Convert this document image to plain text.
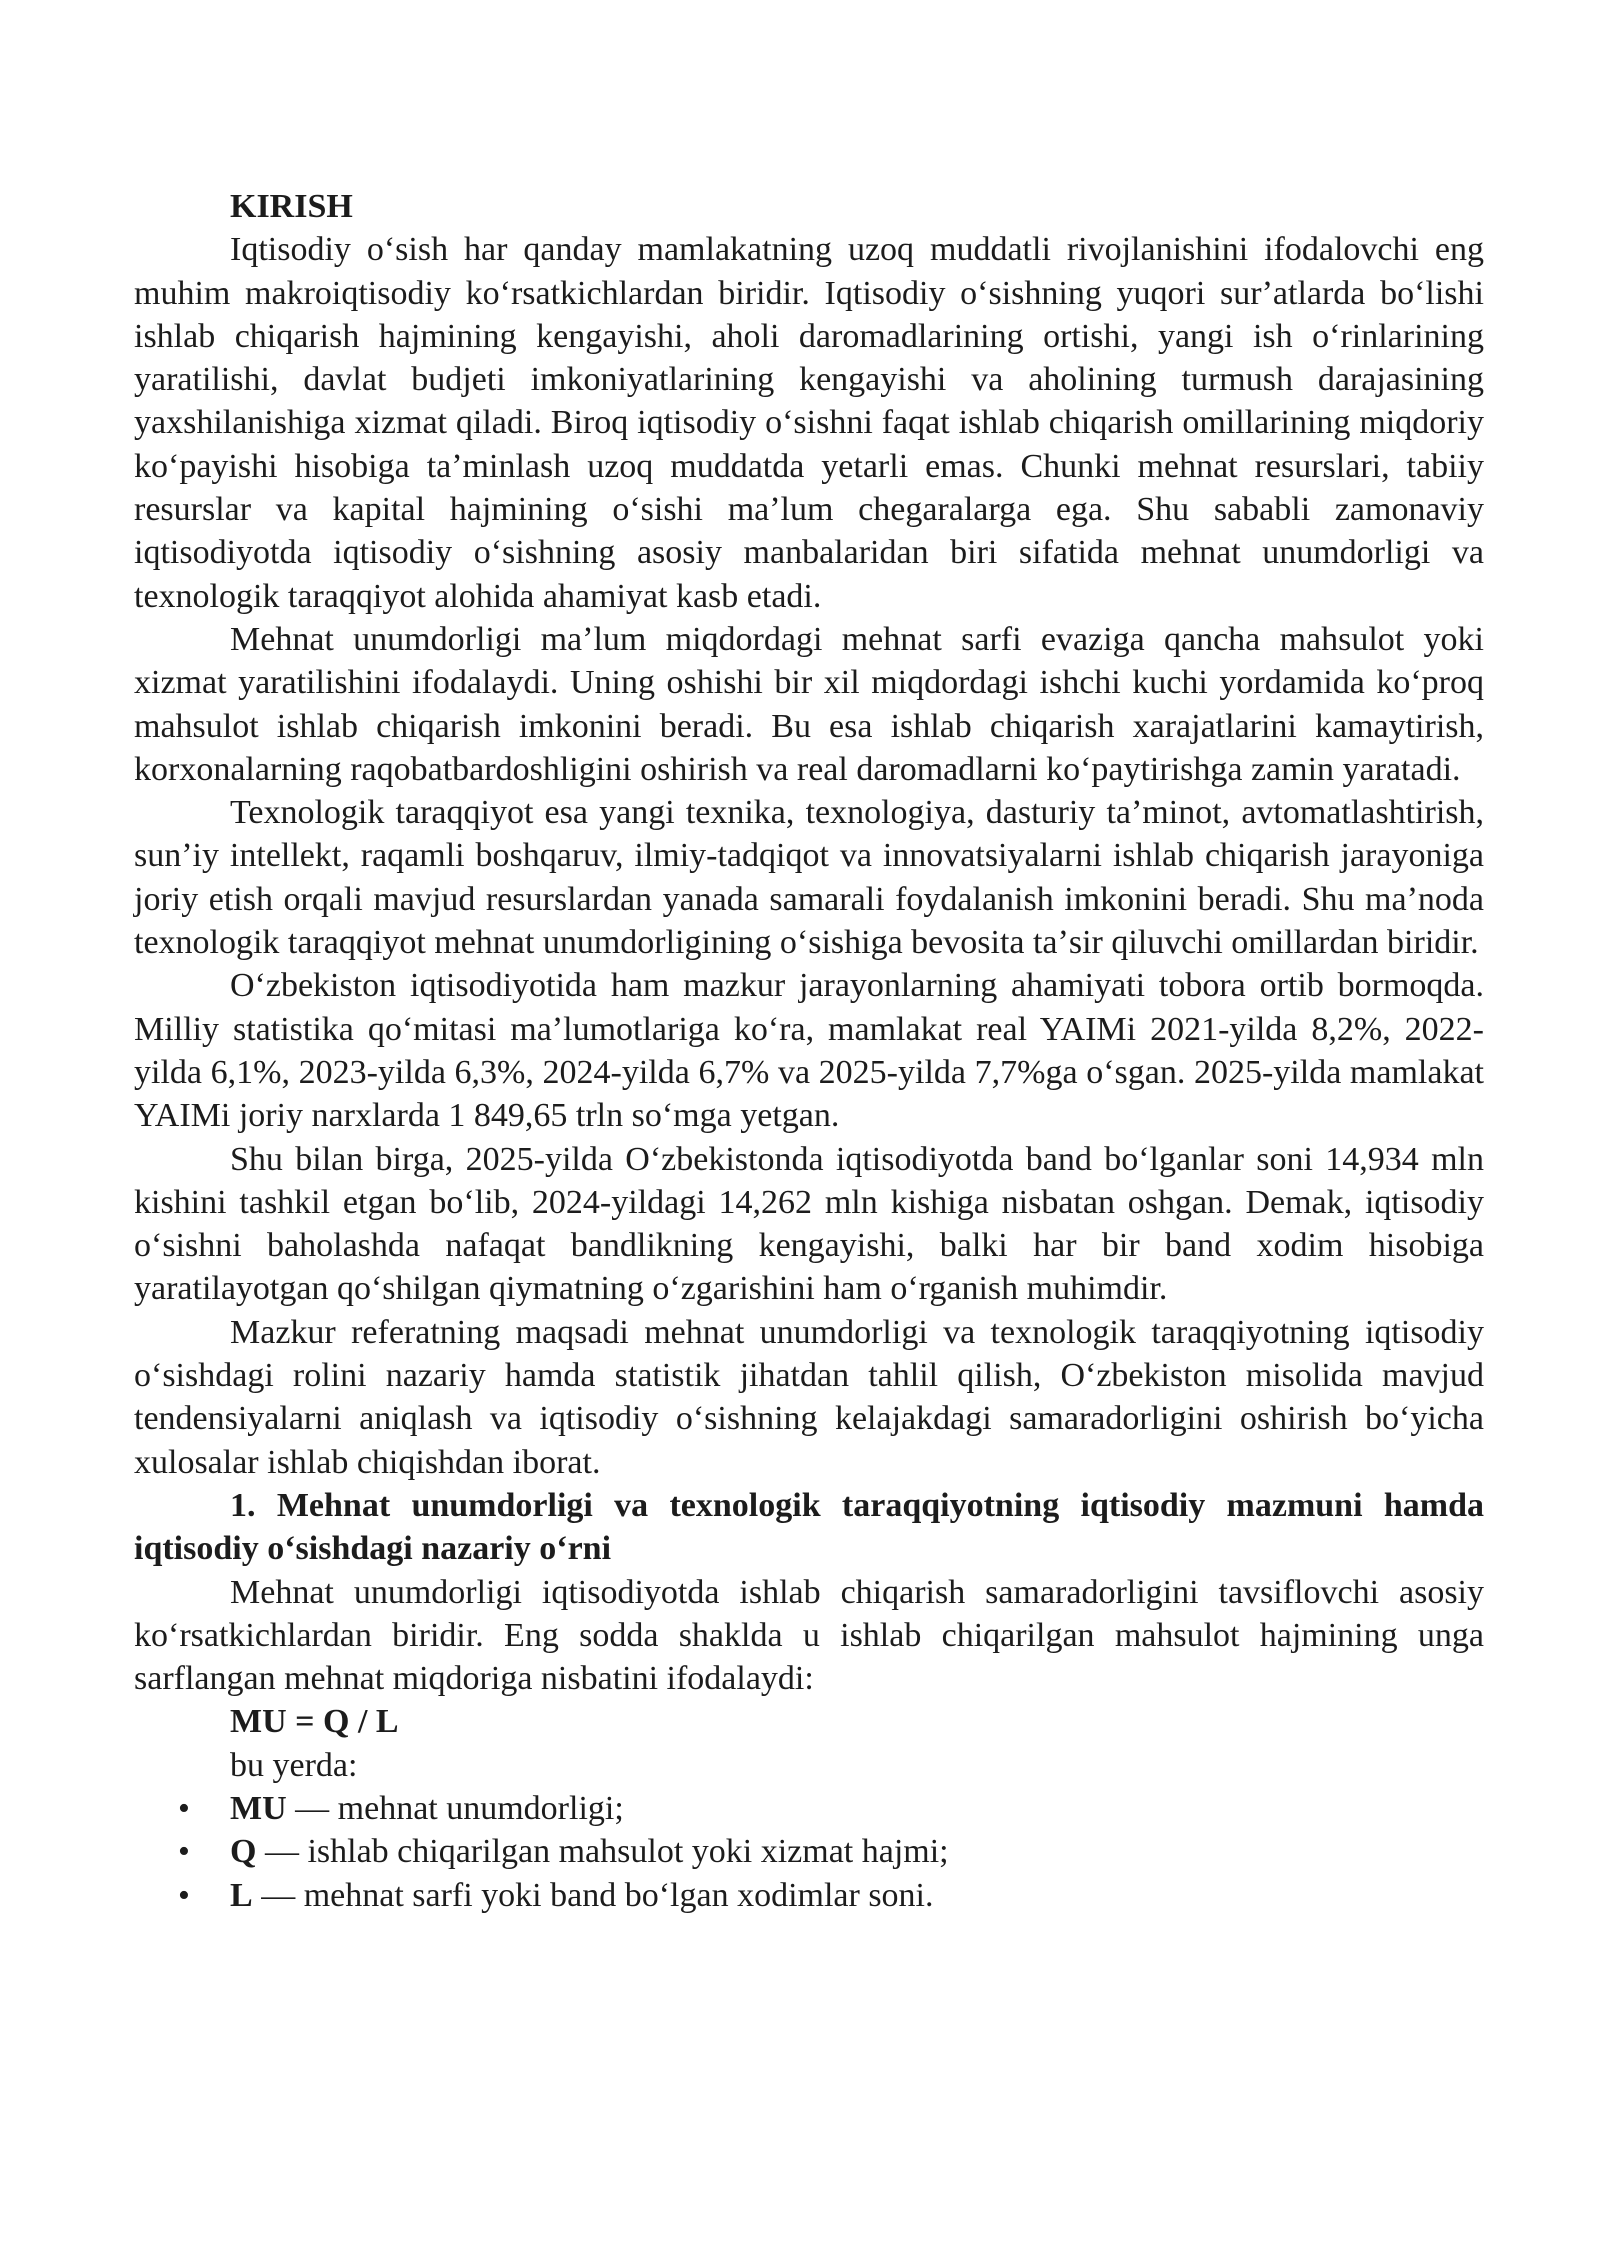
KIRISH

Iqtisodiy oʻsish har qanday mamlakatning uzoq muddatli rivojlanishini ifodalovchi eng muhim makroiqtisodiy koʻrsatkichlardan biridir. Iqtisodiy oʻsishning yuqori surʼatlarda boʻlishi ishlab chiqarish hajmining kengayishi, aholi daromadlarining ortishi, yangi ish oʻrinlarining yaratilishi, davlat budjeti imkoniyatlarining kengayishi va aholining turmush darajasining yaxshilanishiga xizmat qiladi. Biroq iqtisodiy oʻsishni faqat ishlab chiqarish omillarining miqdoriy koʻpayishi hisobiga taʼminlash uzoq muddatda yetarli emas. Chunki mehnat resurslari, tabiiy resurslar va kapital hajmining oʻsishi maʼlum chegaralarga ega. Shu sababli zamonaviy iqtisodiyotda iqtisodiy oʻsishning asosiy manbalaridan biri sifatida mehnat unumdorligi va texnologik taraqqiyot alohida ahamiyat kasb etadi.

Mehnat unumdorligi maʼlum miqdordagi mehnat sarfi evaziga qancha mahsulot yoki xizmat yaratilishini ifodalaydi. Uning oshishi bir xil miqdordagi ishchi kuchi yordamida koʻproq mahsulot ishlab chiqarish imkonini beradi. Bu esa ishlab chiqarish xarajatlarini kamaytirish, korxonalarning raqobatbardoshligini oshirish va real daromadlarni koʻpaytirishga zamin yaratadi.

Texnologik taraqqiyot esa yangi texnika, texnologiya, dasturiy taʼminot, avtomatlashtirish, sunʼiy intellekt, raqamli boshqaruv, ilmiy-tadqiqot va innovatsiyalarni ishlab chiqarish jarayoniga joriy etish orqali mavjud resurslardan yanada samarali foydalanish imkonini beradi. Shu maʼnoda texnologik taraqqiyot mehnat unumdorligining oʻsishiga bevosita taʼsir qiluvchi omillardan biridir.

Oʻzbekiston iqtisodiyotida ham mazkur jarayonlarning ahamiyati tobora ortib bormoqda. Milliy statistika qoʻmitasi maʼlumotlariga koʻra, mamlakat real YAIMi 2021-yilda 8,2%, 2022-yilda 6,1%, 2023-yilda 6,3%, 2024-yilda 6,7% va 2025-yilda 7,7%ga oʻsgan. 2025-yilda mamlakat YAIMi joriy narxlarda 1 849,65 trln soʻmga yetgan.

Shu bilan birga, 2025-yilda Oʻzbekistonda iqtisodiyotda band boʻlganlar soni 14,934 mln kishini tashkil etgan boʻlib, 2024-yildagi 14,262 mln kishiga nisbatan oshgan. Demak, iqtisodiy oʻsishni baholashda nafaqat bandlikning kengayishi, balki har bir band xodim hisobiga yaratilayotgan qoʻshilgan qiymatning oʻzgarishini ham oʻrganish muhimdir.

Mazkur referatning maqsadi mehnat unumdorligi va texnologik taraqqiyotning iqtisodiy oʻsishdagi rolini nazariy hamda statistik jihatdan tahlil qilish, Oʻzbekiston misolida mavjud tendensiyalarni aniqlash va iqtisodiy oʻsishning kelajakdagi samaradorligini oshirish boʻyicha xulosalar ishlab chiqishdan iborat.

1. Mehnat unumdorligi va texnologik taraqqiyotning iqtisodiy mazmuni hamda iqtisodiy oʻsishdagi nazariy oʻrni

Mehnat unumdorligi iqtisodiyotda ishlab chiqarish samaradorligini tavsiflovchi asosiy koʻrsatkichlardan biridir. Eng sodda shaklda u ishlab chiqarilgan mahsulot hajmining unga sarflangan mehnat miqdoriga nisbatini ifodalaydi:

MU = Q / L

bu yerda:

• MU — mehnat unumdorligi;
• Q — ishlab chiqarilgan mahsulot yoki xizmat hajmi;
• L — mehnat sarfi yoki band boʻlgan xodimlar soni.
